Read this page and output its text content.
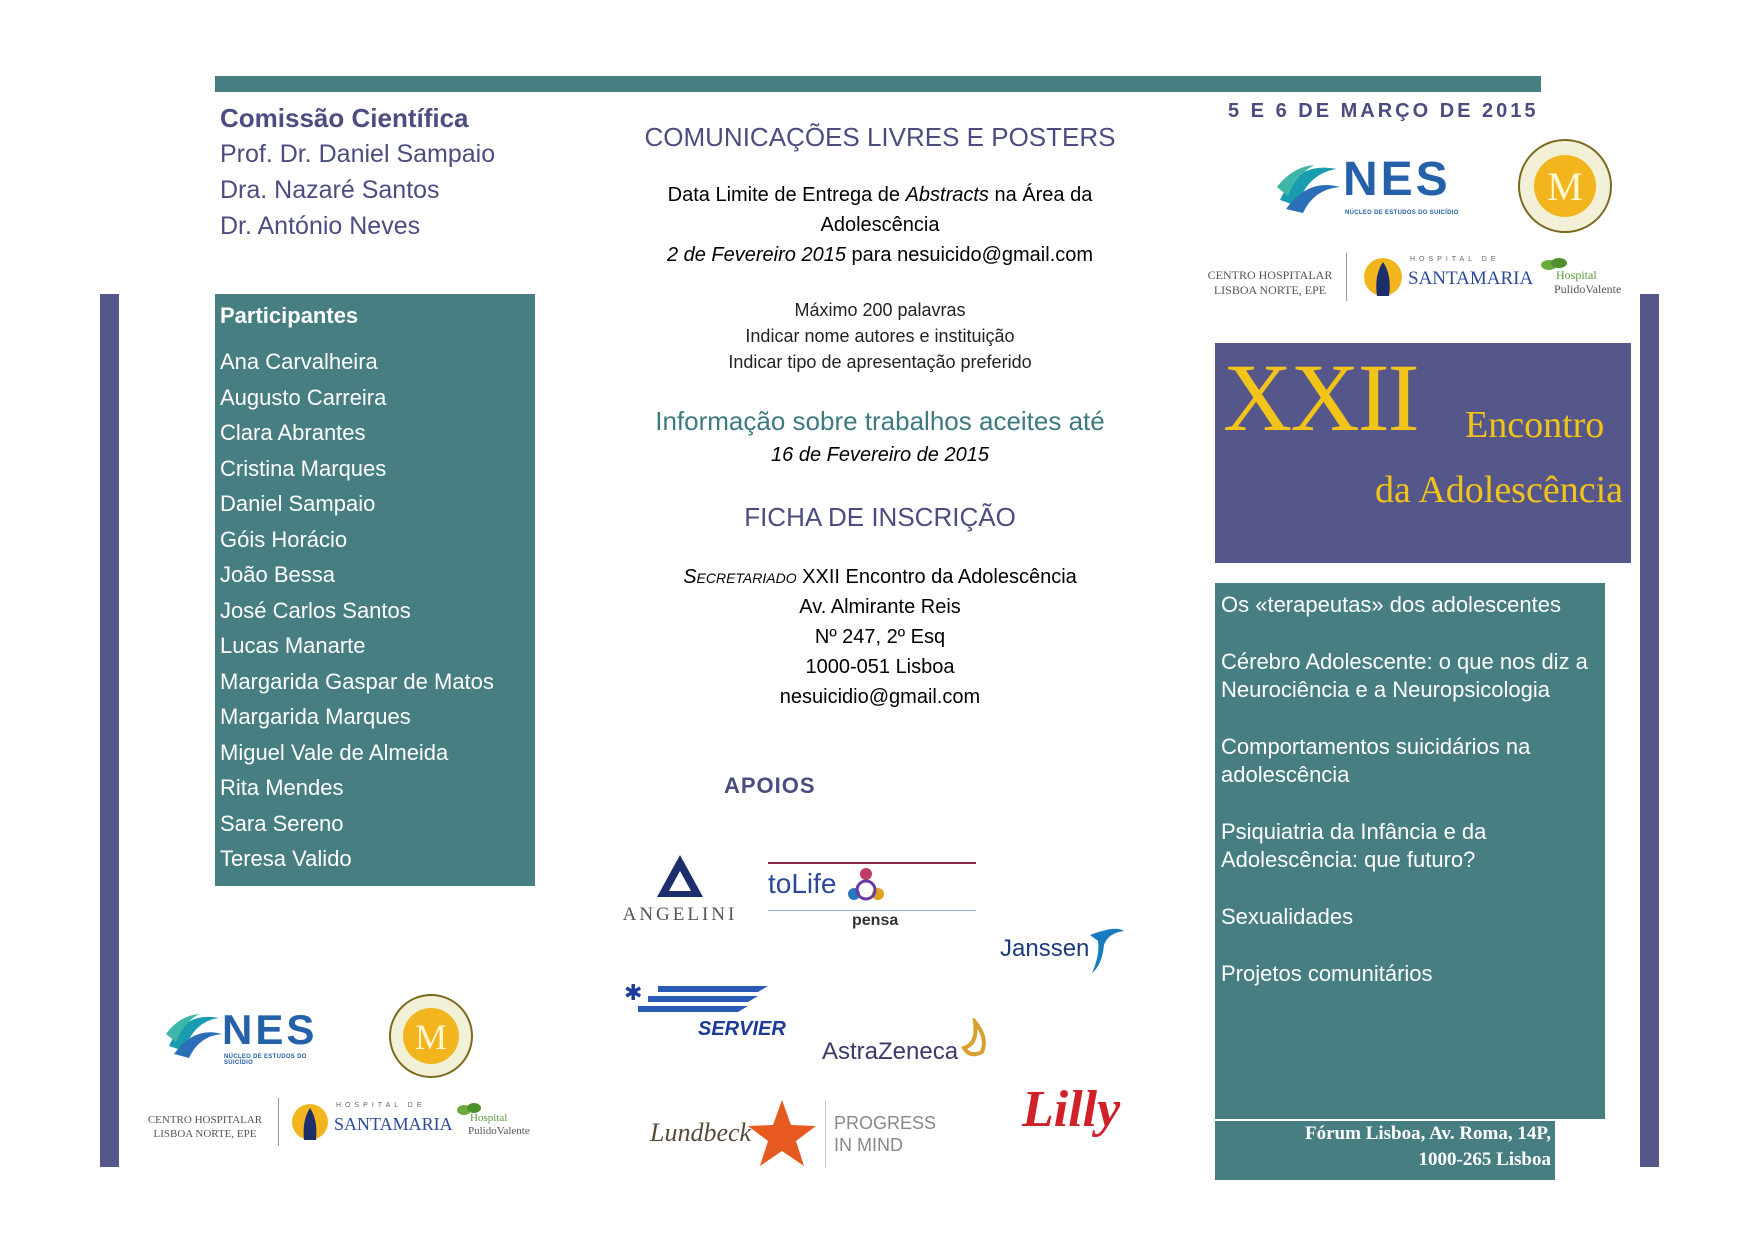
Comissão Científica
Prof. Dr. Daniel Sampaio
Dra. Nazaré Santos
Dr. António Neves
Participantes
Ana Carvalheira
Augusto Carreira
Clara Abrantes
Cristina Marques
Daniel Sampaio
Góis Horácio
João Bessa
José Carlos Santos
Lucas Manarte
Margarida Gaspar de Matos
Margarida Marques
Miguel Vale de Almeida
Rita Mendes
Sara Sereno
Teresa Valido
NES
NÚCLEO DE ESTUDOS DO SUICÍDIO
M
CENTRO HOSPITALAR
LISBOA NORTE, EPE
HOSPITAL DE
SANTAMARIA Hospital
PulidoValente
COMUNICAÇÕES LIVRES E POSTERS
Data Limite de Entrega de Abstracts na Área da
Adolescência
2 de Fevereiro 2015 para nesuicido@gmail.com
Máximo 200 palavras
Indicar nome autores e instituição
Indicar tipo de apresentação preferido
Informação sobre trabalhos aceites até
16 de Fevereiro de 2015
FICHA DE INSCRIÇÃO
Secretariado XXII Encontro da Adolescência
Av. Almirante Reis
Nº 247, 2º Esq
1000-051 Lisboa
nesuicidio@gmail.com
APOIOS
ANGELINI
toLife
pensa
Janssen
✱
SERVIER
AstraZeneca
Lundbeck	PROGRESS
IN MIND
Lilly
5 E 6 DE MARÇO DE 2015
NES
NÚCLEO DE ESTUDOS DO SUICÍDIO
M
CENTRO HOSPITALAR
LISBOA NORTE, EPE
HOSPITAL DE
SANTAMARIA Hospital
PulidoValente
XXII Encontro
da Adolescência
Os «terapeutas» dos adolescentes
Cérebro Adolescente: o que nos diz a Neurociência e a Neuropsicologia
Comportamentos suicidários na adolescência
Psiquiatria da Infância e da Adolescência: que futuro?
Sexualidades
Projetos comunitários
Fórum Lisboa, Av. Roma, 14P,
1000-265 Lisboa
